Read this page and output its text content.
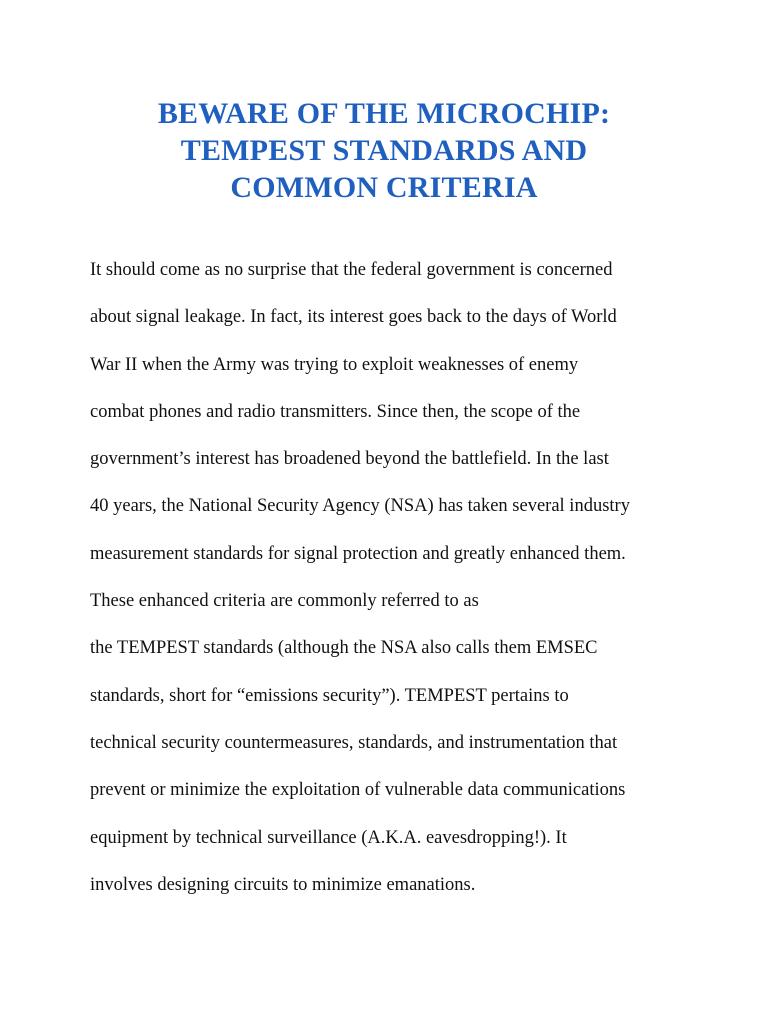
BEWARE OF THE MICROCHIP:
TEMPEST STANDARDS AND
COMMON CRITERIA

It should come as no surprise that the federal government is concerned
about signal leakage. In fact, its interest goes back to the days of World
War II when the Army was trying to exploit weaknesses of enemy
combat phones and radio transmitters. Since then, the scope of the
government’s interest has broadened beyond the battlefield. In the last
40 years, the National Security Agency (NSA) has taken several industry
measurement standards for signal protection and greatly enhanced them.
These enhanced criteria are commonly referred to as
the TEMPEST standards (although the NSA also calls them EMSEC
standards, short for “emissions security”). TEMPEST pertains to
technical security countermeasures, standards, and instrumentation that
prevent or minimize the exploitation of vulnerable data communications
equipment by technical surveillance (A.K.A. eavesdropping!). It
involves designing circuits to minimize emanations.
